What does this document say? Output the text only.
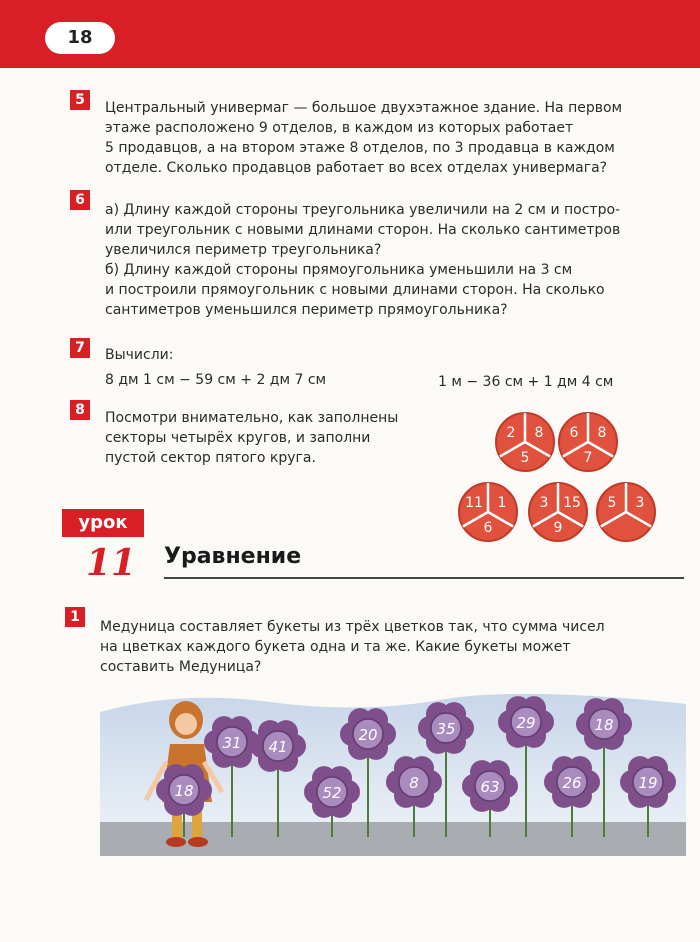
18
5	Центральный универмаг — большое двухэтажное здание. На первом

этаже расположено 9 отделов, в каждом из которых работает

5 продавцов, а на втором этаже 8 отделов, по 3 продавца в каждом

отделе. Сколько продавцов работает во всех отделах универмага?

6

а) Длину каждой стороны треугольника увеличили на 2 см и постро-

или треугольник с новыми длинами сторон. На сколько сантиметров

увеличился периметр треугольника?

б) Длину каждой стороны прямоугольника уменьшили на 3 см

и построили прямоугольник с новыми длинами сторон. На сколько

сантиметров уменьшился периметр прямоугольника?

7	Вычисли:
8 дм 1 см − 59 см + 2 дм 7 см	1 м − 36 см + 1 дм 4 см
8	Посмотри внимательно, как заполнены

секторы четырёх кругов, и заполни

пустой сектор пятого круга.

2 8
5
6 8
7
11 1
6
3 15
9
5 3
урок
11 Уравнение
1

Медуница составляет букеты из трёх цветков так, что сумма чисел

на цветках каждого букета одна и та же. Какие букеты может

составить Медуница?

31 41
18
20	35	29	18
52
8	63	26	19
